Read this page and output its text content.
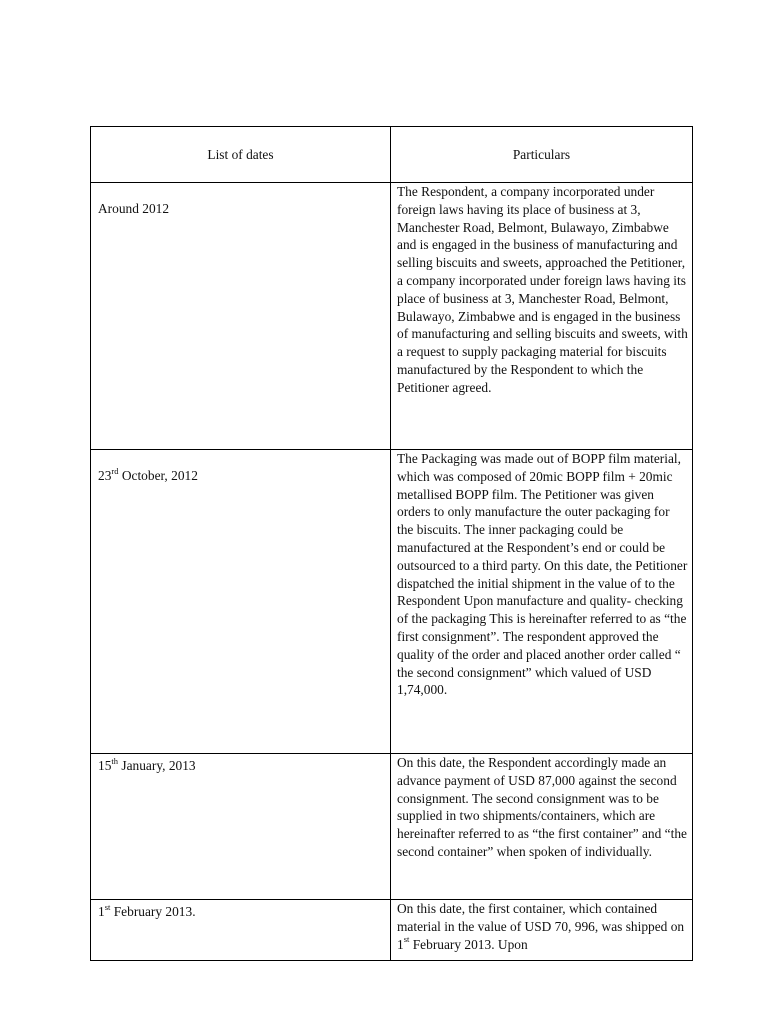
List of dates	Particulars
Around 2012	The Respondent, a company incorporated under foreign laws having its place of business at 3, Manchester Road, Belmont, Bulawayo, Zimbabwe and is engaged in the business of manufacturing and selling biscuits and sweets, approached the Petitioner, a company incorporated under foreign laws having its place of business at 3, Manchester Road, Belmont, Bulawayo, Zimbabwe and is engaged in the business of manufacturing and selling biscuits and sweets, with a request to supply packaging material for biscuits manufactured by the Respondent to which the Petitioner agreed.
23rd October, 2012	The Packaging was made out of BOPP film material, which was composed of 20mic BOPP film + 20mic metallised BOPP film. The Petitioner was given orders to only manufacture the outer packaging for the biscuits. The inner packaging could be manufactured at the Respondent’s end or could be outsourced to a third party. On this date, the Petitioner dispatched the initial shipment in the value of to the Respondent Upon manufacture and quality- checking of the packaging This is hereinafter referred to as “the first consignment”. The respondent approved the quality of the order and placed another order called “ the second consignment” which valued of USD 1,74,000.
15th January, 2013	On this date, the Respondent accordingly made an advance payment of USD 87,000 against the second consignment. The second consignment was to be supplied in two shipments/containers, which are hereinafter referred to as “the first container” and “the second container” when spoken of individually.
1st February 2013.	On this date, the first container, which contained material in the value of USD 70, 996, was shipped on 1st February 2013. Upon
